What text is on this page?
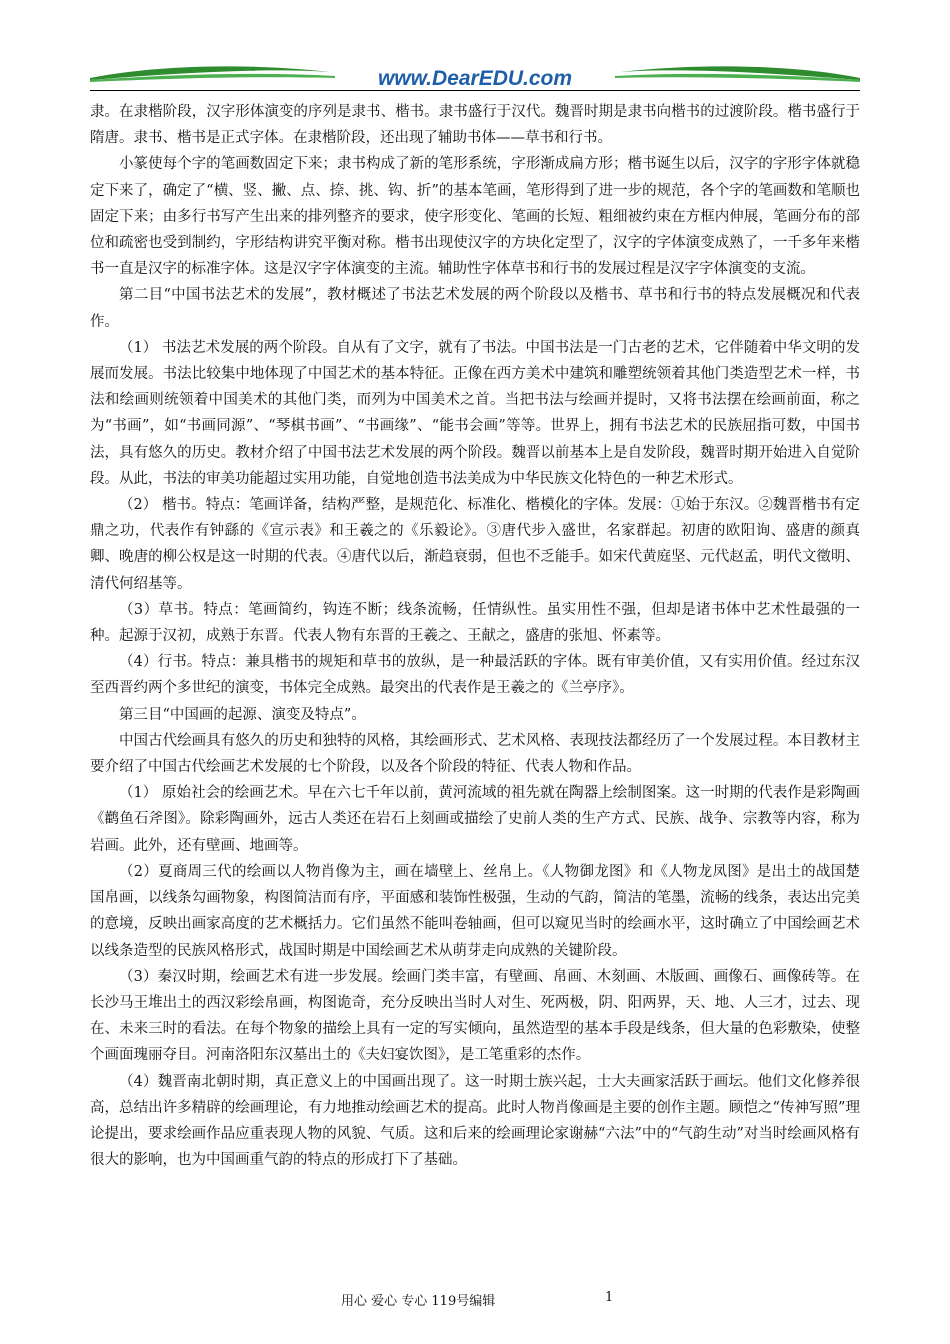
www.DearEDU.com

隶。在隶楷阶段，汉字形体演变的序列是隶书、楷书。隶书盛行于汉代。魏晋时期是隶书向楷书的过渡阶段。楷书盛行于隋唐。隶书、楷书是正式字体。在隶楷阶段，还出现了辅助书体——草书和行书。

小篆使每个字的笔画数固定下来；隶书构成了新的笔形系统，字形渐成扁方形；楷书诞生以后，汉字的字形字体就稳定下来了，确定了“横、竖、撇、点、捺、挑、钩、折”的基本笔画，笔形得到了进一步的规范，各个字的笔画数和笔顺也固定下来；由多行书写产生出来的排列整齐的要求，使字形变化、笔画的长短、粗细被约束在方框内伸展，笔画分布的部位和疏密也受到制约，字形结构讲究平衡对称。楷书出现使汉字的方块化定型了，汉字的字体演变成熟了，一千多年来楷书一直是汉字的标准字体。这是汉字字体演变的主流。辅助性字体草书和行书的发展过程是汉字字体演变的支流。

第二目“中国书法艺术的发展”，教材概述了书法艺术发展的两个阶段以及楷书、草书和行书的特点发展概况和代表作。

（1） 书法艺术发展的两个阶段。自从有了文字，就有了书法。中国书法是一门古老的艺术，它伴随着中华文明的发展而发展。书法比较集中地体现了中国艺术的基本特征。正像在西方美术中建筑和雕塑统领着其他门类造型艺术一样，书法和绘画则统领着中国美术的其他门类，而列为中国美术之首。当把书法与绘画并提时，又将书法摆在绘画前面，称之为“书画”，如“书画同源”、“琴棋书画”、“书画缘”、“能书会画”等等。世界上，拥有书法艺术的民族屈指可数，中国书法，具有悠久的历史。教材介绍了中国书法艺术发展的两个阶段。魏晋以前基本上是自发阶段，魏晋时期开始进入自觉阶段。从此，书法的审美功能超过实用功能，自觉地创造书法美成为中华民族文化特色的一种艺术形式。

（2） 楷书。特点：笔画详备，结构严整，是规范化、标准化、楷模化的字体。发展：①始于东汉。②魏晋楷书有定鼎之功，代表作有钟繇的《宣示表》和王羲之的《乐毅论》。③唐代步入盛世，名家群起。初唐的欧阳询、盛唐的颜真卿、晚唐的柳公权是这一时期的代表。④唐代以后，渐趋衰弱，但也不乏能手。如宋代黄庭坚、元代赵孟，明代文徵明、清代何绍基等。

（3）草书。特点：笔画简约，钩连不断；线条流畅，任情纵性。虽实用性不强，但却是诸书体中艺术性最强的一种。起源于汉初，成熟于东晋。代表人物有东晋的王羲之、王献之，盛唐的张旭、怀素等。

（4）行书。特点：兼具楷书的规矩和草书的放纵，是一种最活跃的字体。既有审美价值，又有实用价值。经过东汉至西晋约两个多世纪的演变，书体完全成熟。最突出的代表作是王羲之的《兰亭序》。

第三目“中国画的起源、演变及特点”。

中国古代绘画具有悠久的历史和独特的风格，其绘画形式、艺术风格、表现技法都经历了一个发展过程。本目教材主要介绍了中国古代绘画艺术发展的七个阶段，以及各个阶段的特征、代表人物和作品。

（1） 原始社会的绘画艺术。早在六七千年以前，黄河流域的祖先就在陶器上绘制图案。这一时期的代表作是彩陶画《鹳鱼石斧图》。除彩陶画外，远古人类还在岩石上刻画或描绘了史前人类的生产方式、民族、战争、宗教等内容，称为岩画。此外，还有壁画、地画等。

（2）夏商周三代的绘画以人物肖像为主，画在墙壁上、丝帛上。《人物御龙图》和《人物龙凤图》是出土的战国楚国帛画，以线条勾画物象，构图简洁而有序，平面感和装饰性极强，生动的气韵，简洁的笔墨，流畅的线条，表达出完美的意境，反映出画家高度的艺术概括力。它们虽然不能叫卷轴画，但可以窥见当时的绘画水平，这时确立了中国绘画艺术以线条造型的民族风格形式，战国时期是中国绘画艺术从萌芽走向成熟的关键阶段。

（3）秦汉时期，绘画艺术有进一步发展。绘画门类丰富，有壁画、帛画、木刻画、木版画、画像石、画像砖等。在长沙马王堆出土的西汉彩绘帛画，构图诡奇，充分反映出当时人对生、死两极，阴、阳两界，天、地、人三才，过去、现在、未来三时的看法。在每个物象的描绘上具有一定的写实倾向，虽然造型的基本手段是线条，但大量的色彩敷染，使整个画面瑰丽夺目。河南洛阳东汉墓出土的《夫妇宴饮图》，是工笔重彩的杰作。

（4）魏晋南北朝时期，真正意义上的中国画出现了。这一时期士族兴起，士大夫画家活跃于画坛。他们文化修养很高，总结出许多精辟的绘画理论，有力地推动绘画艺术的提高。此时人物肖像画是主要的创作主题。顾恺之“传神写照”理论提出，要求绘画作品应重表现人物的风貌、气质。这和后来的绘画理论家谢赫“六法”中的“气韵生动”对当时绘画风格有很大的影响，也为中国画重气韵的特点的形成打下了基础。

用心 爱心 专心 119号编辑	1
